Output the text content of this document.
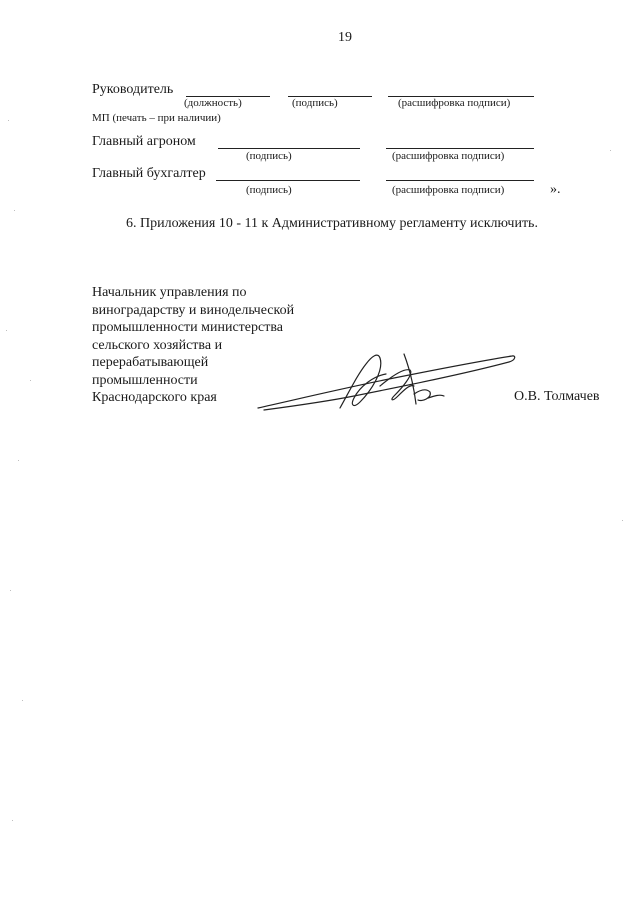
19
Руководитель
(должность)	(подпись)	(расшифровка подписи)
МП (печать – при наличии)
Главный агроном
(подпись)	(расшифровка подписи)
Главный бухгалтер
(подпись)	(расшифровка подписи)	».
6. Приложения 10 - 11 к Административному регламенту исключить.
Начальник управления по
виноградарству и винодельческой
промышленности министерства
сельского хозяйства и
перерабатывающей
промышленности
Краснодарского края	О.В. Толмачев
